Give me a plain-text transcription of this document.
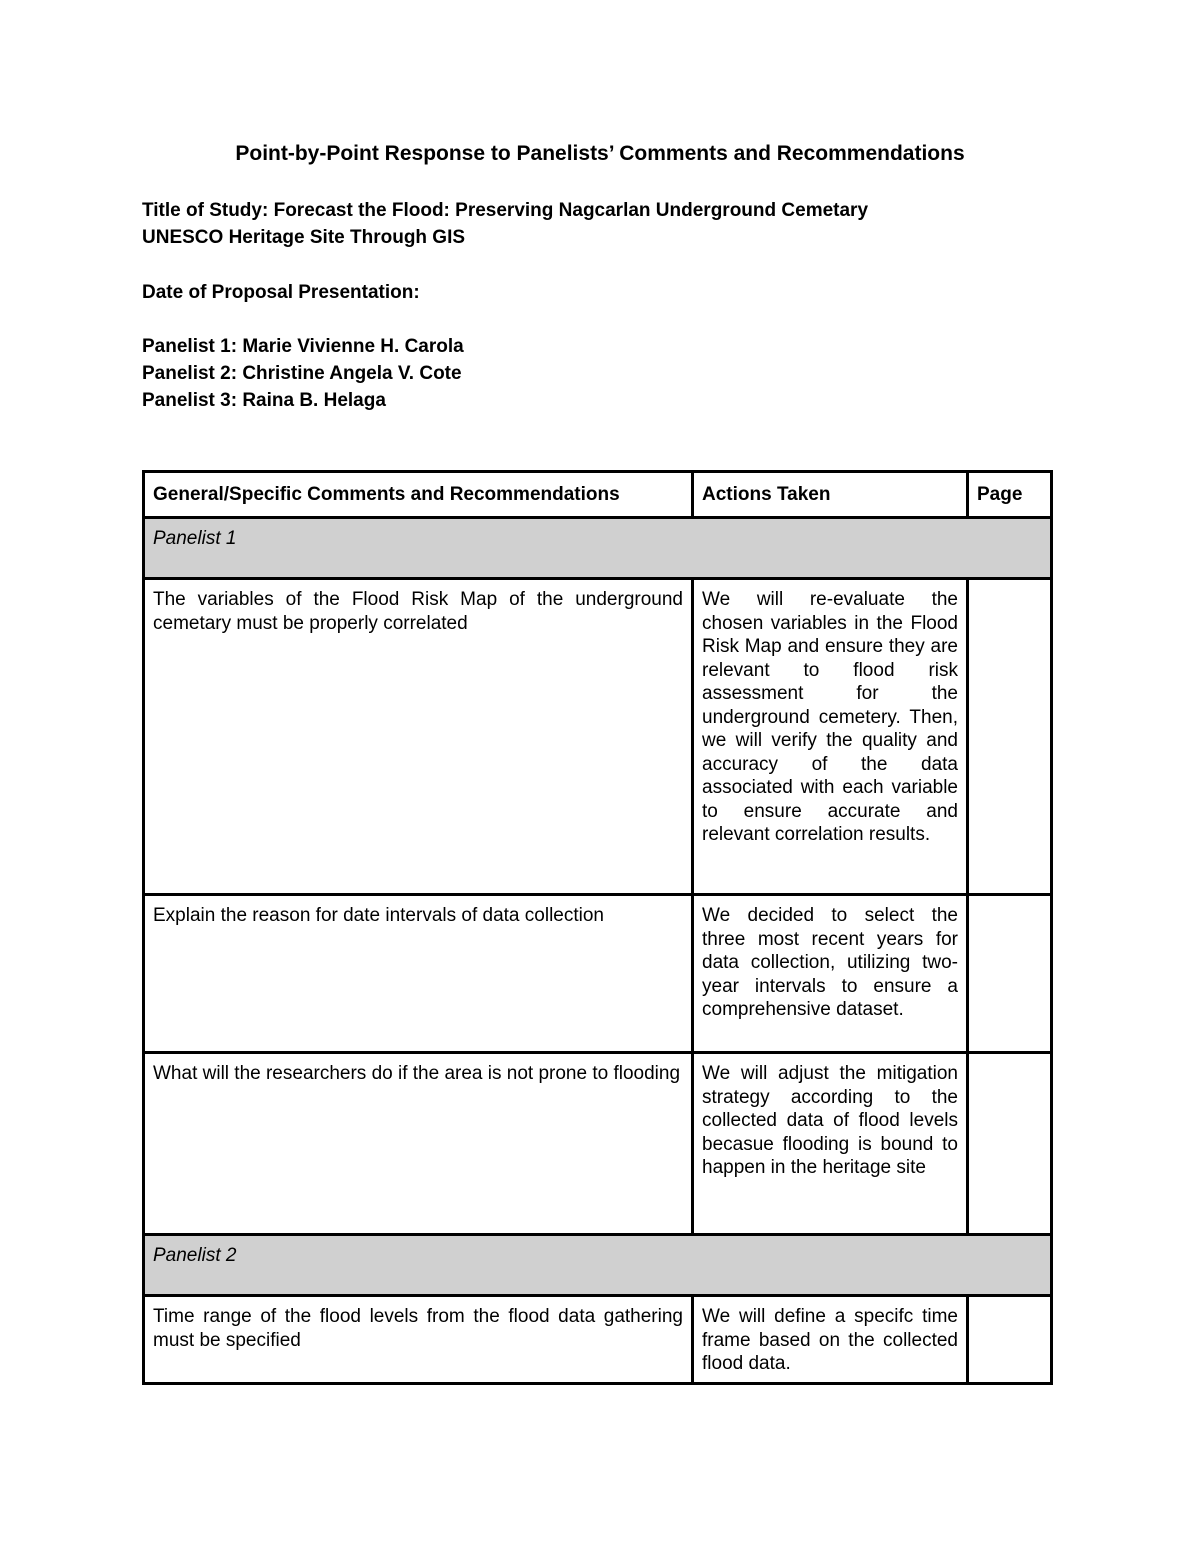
Point-by-Point Response to Panelists’ Comments and Recommendations
Title of Study: Forecast the Flood: Preserving Nagcarlan Underground Cemetary
UNESCO Heritage Site Through GIS
Date of Proposal Presentation:
Panelist 1: Marie Vivienne H. Carola
Panelist 2: Christine Angela V. Cote
Panelist 3: Raina B. Helaga
General/Specific Comments and Recommendations	Actions Taken	Page
Panelist 1		
The variables of the Flood Risk Map of the underground cemetary must be properly correlated	We will re-evaluate the chosen variables in the Flood Risk Map and ensure they are relevant to flood risk assessment for the underground cemetery. Then, we will verify the quality and accuracy of the data associated with each variable to ensure accurate and relevant correlation results.	
Explain the reason for date intervals of data collection	We decided to select the three most recent years for data collection, utilizing two-year intervals to ensure a comprehensive dataset.	
What will the researchers do if the area is not prone to flooding	We will adjust the mitigation strategy according to the collected data of flood levels becasue flooding is bound to happen in the heritage site	
Panelist 2		
Time range of the flood levels from the flood data gathering must be specified	We will define a specifc time frame based on the collected flood data.	
